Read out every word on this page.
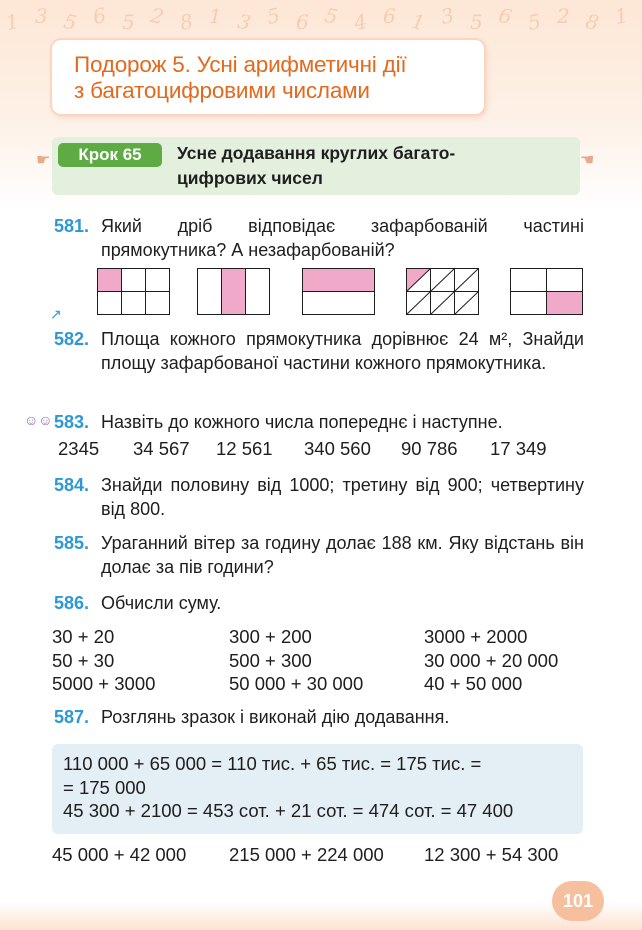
1 3 5 6 5 2 8 1 3 5 6 5 4 6 1 3 5 6 5 2 8 1
Подорож 5. Усні арифметичні дії
з багатоцифровими числами
☛	☛
Крок 65	Усне додавання круглих багато-
цифрових чисел
581. Який дріб відповідає зафарбованій частині прямокутника? А незафарбованій?
↗
582. Площа кожного прямокутника дорівнює 24 м², Знайди площу зафарбованої частини кожного прямокутника.
☺☺ 583. Назвіть до кожного числа попереднє і наступне.
2345 34 567 12 561 340 560 90 786 17 349
584. Знайди половину від 1000; третину від 900; четвертину від 800.
585. Ураганний вітер за годину долає 188 км. Яку відстань він долає за пів години?
586. Обчисли суму.
30 + 20
50 + 30
5000 + 3000
300 + 200
500 + 300
50 000 + 30 000
3000 + 2000
30 000 + 20 000
40 + 50 000
587. Розглянь зразок і виконай дію додавання.
110 000 + 65 000 = 110 тис. + 65 тис. = 175 тис. =
= 175 000
45 300 + 2100 = 453 сот. + 21 сот. = 474 сот. = 47 400
45 000 + 42 000 215 000 + 224 000 12 300 + 54 300
101
